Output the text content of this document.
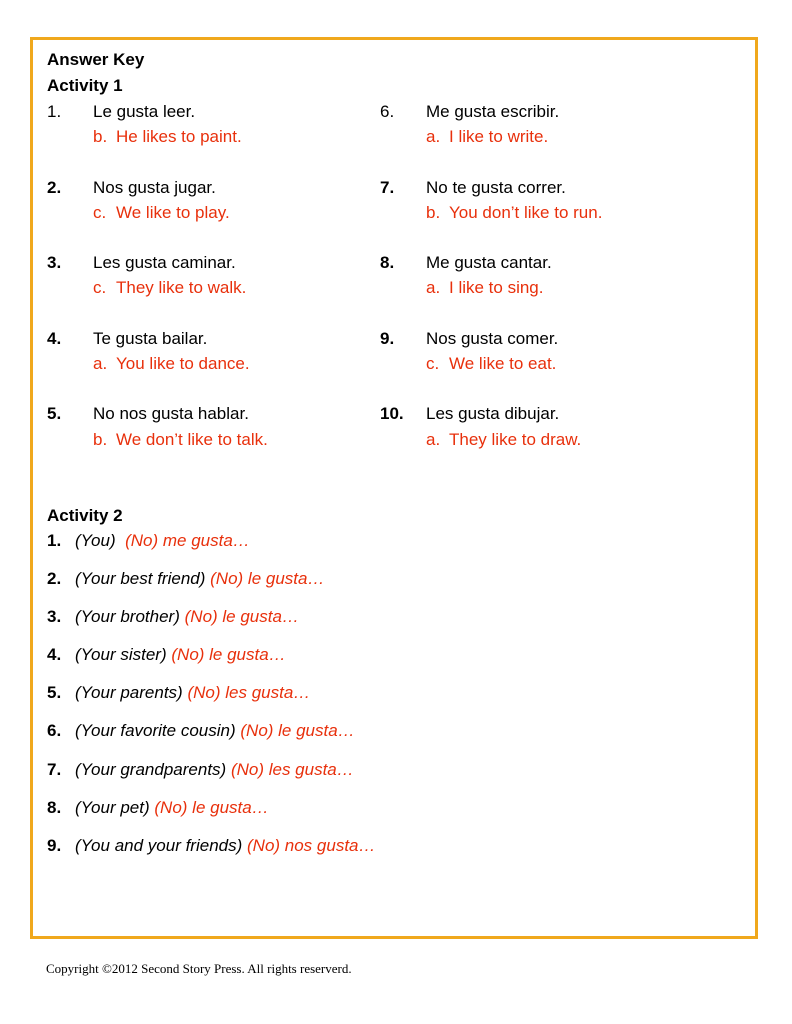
Answer Key
Activity 1
1. Le gusta leer.
b. He likes to paint.
2. Nos gusta jugar.
c. We like to play.
3. Les gusta caminar.
c. They like to walk.
4. Te gusta bailar.
a. You like to dance.
5. No nos gusta hablar.
b. We don’t like to talk.
6. Me gusta escribir.
a. I like to write.
7. No te gusta correr.
b. You don’t like to run.
8. Me gusta cantar.
a. I like to sing.
9. Nos gusta comer.
c. We like to eat.
10. Les gusta dibujar.
a. They like to draw.
Activity 2
1. (You) (No) me gusta…
2. (Your best friend) (No) le gusta…
3. (Your brother) (No) le gusta…
4. (Your sister) (No) le gusta…
5. (Your parents) (No) les gusta…
6. (Your favorite cousin) (No) le gusta…
7. (Your grandparents) (No) les gusta…
8. (Your pet) (No) le gusta…
9. (You and your friends) (No) nos gusta…
Copyright ©2012 Second Story Press. All rights reserverd.
